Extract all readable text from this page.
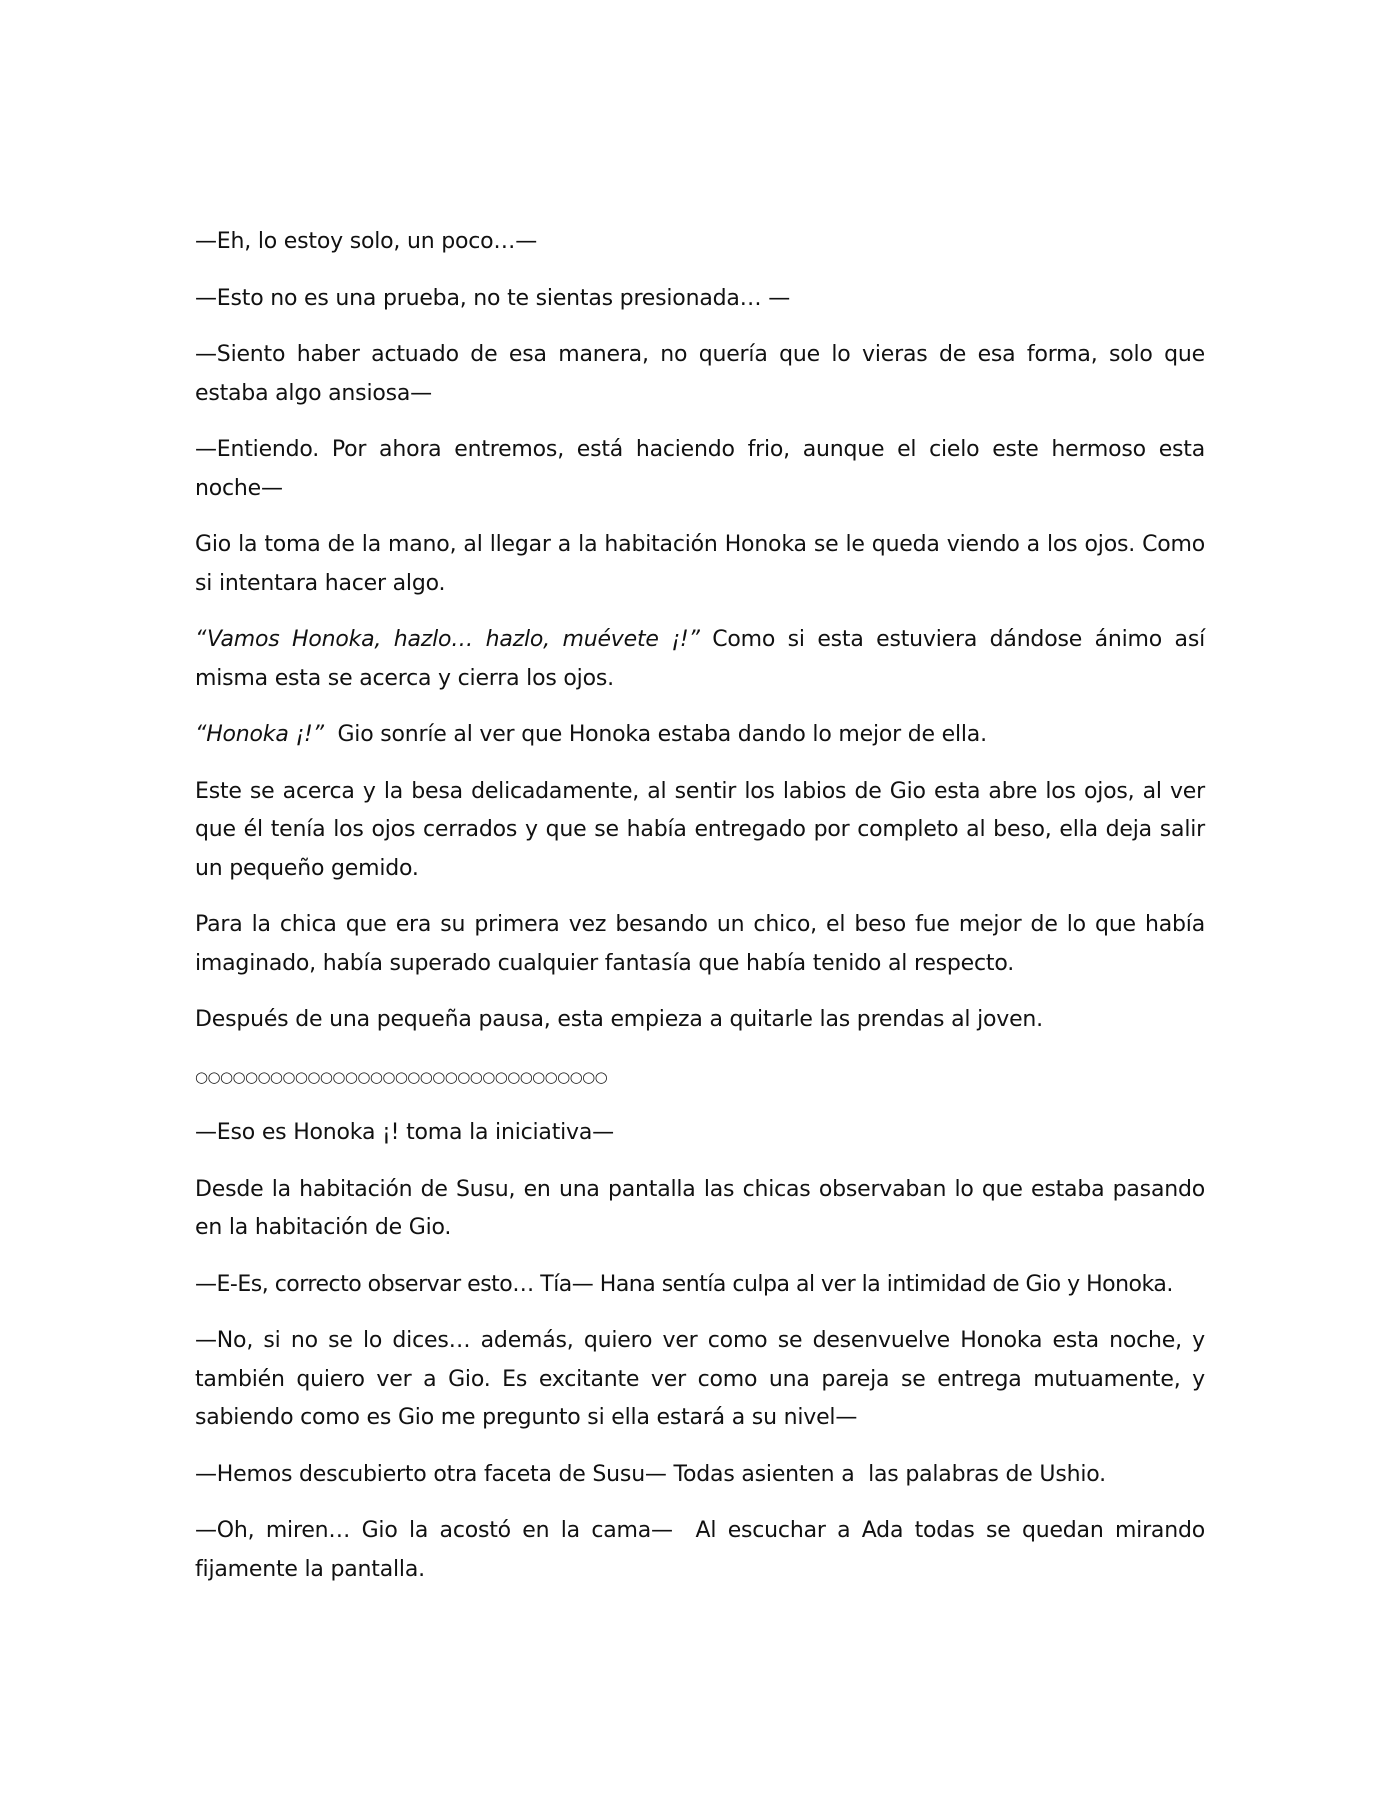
—Eh, lo estoy solo, un poco…—

—Esto no es una prueba, no te sientas presionada… —

—Siento haber actuado de esa manera, no quería que lo vieras de esa forma, solo que estaba algo ansiosa—

—Entiendo. Por ahora entremos, está haciendo frio, aunque el cielo este hermoso esta noche—

Gio la toma de la mano, al llegar a la habitación Honoka se le queda viendo a los ojos. Como si intentara hacer algo.

“Vamos Honoka, hazlo… hazlo, muévete ¡!” Como si esta estuviera dándose ánimo así misma esta se acerca y cierra los ojos.

“Honoka ¡!”  Gio sonríe al ver que Honoka estaba dando lo mejor de ella.

Este se acerca y la besa delicadamente, al sentir los labios de Gio esta abre los ojos, al ver que él tenía los ojos cerrados y que se había entregado por completo al beso, ella deja salir un pequeño gemido.

Para la chica que era su primera vez besando un chico, el beso fue mejor de lo que había imaginado, había superado cualquier fantasía que había tenido al respecto.

Después de una pequeña pausa, esta empieza a quitarle las prendas al joven.

○○○○○○○○○○○○○○○○○○○○○○○○○○○○○○○○○

—Eso es Honoka ¡! toma la iniciativa—

Desde la habitación de Susu, en una pantalla las chicas observaban lo que estaba pasando en la habitación de Gio.

—E-Es, correcto observar esto… Tía— Hana sentía culpa al ver la intimidad de Gio y Honoka.

—No, si no se lo dices… además, quiero ver como se desenvuelve Honoka esta noche, y también quiero ver a Gio. Es excitante ver como una pareja se entrega mutuamente, y sabiendo como es Gio me pregunto si ella estará a su nivel—

—Hemos descubierto otra faceta de Susu— Todas asienten a  las palabras de Ushio.

—Oh, miren… Gio la acostó en la cama—  Al escuchar a Ada todas se quedan mirando fijamente la pantalla.
